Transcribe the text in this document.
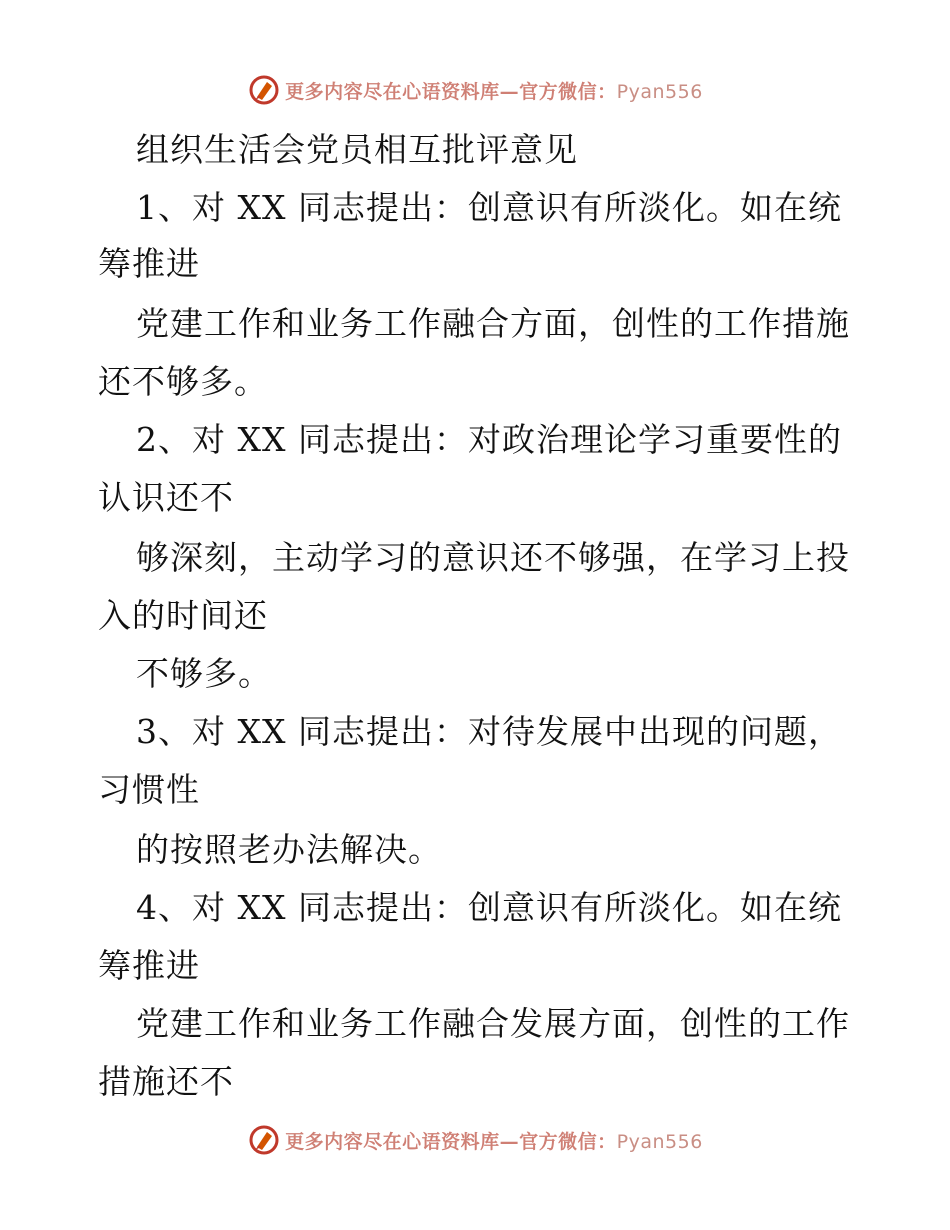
更多内容尽在心语资料库—官方微信：Pyan556
组织生活会党员相互批评意见
1、对 XX 同志提出：创意识有所淡化。如在统
筹推进
党建工作和业务工作融合方面，创性的工作措施
还不够多。
2、对 XX 同志提出：对政治理论学习重要性的
认识还不
够深刻，主动学习的意识还不够强，在学习上投
入的时间还
不够多。
3、对 XX 同志提出：对待发展中出现的问题，
习惯性
的按照老办法解决。
4、对 XX 同志提出：创意识有所淡化。如在统
筹推进
党建工作和业务工作融合发展方面，创性的工作
措施还不
更多内容尽在心语资料库—官方微信：Pyan556
